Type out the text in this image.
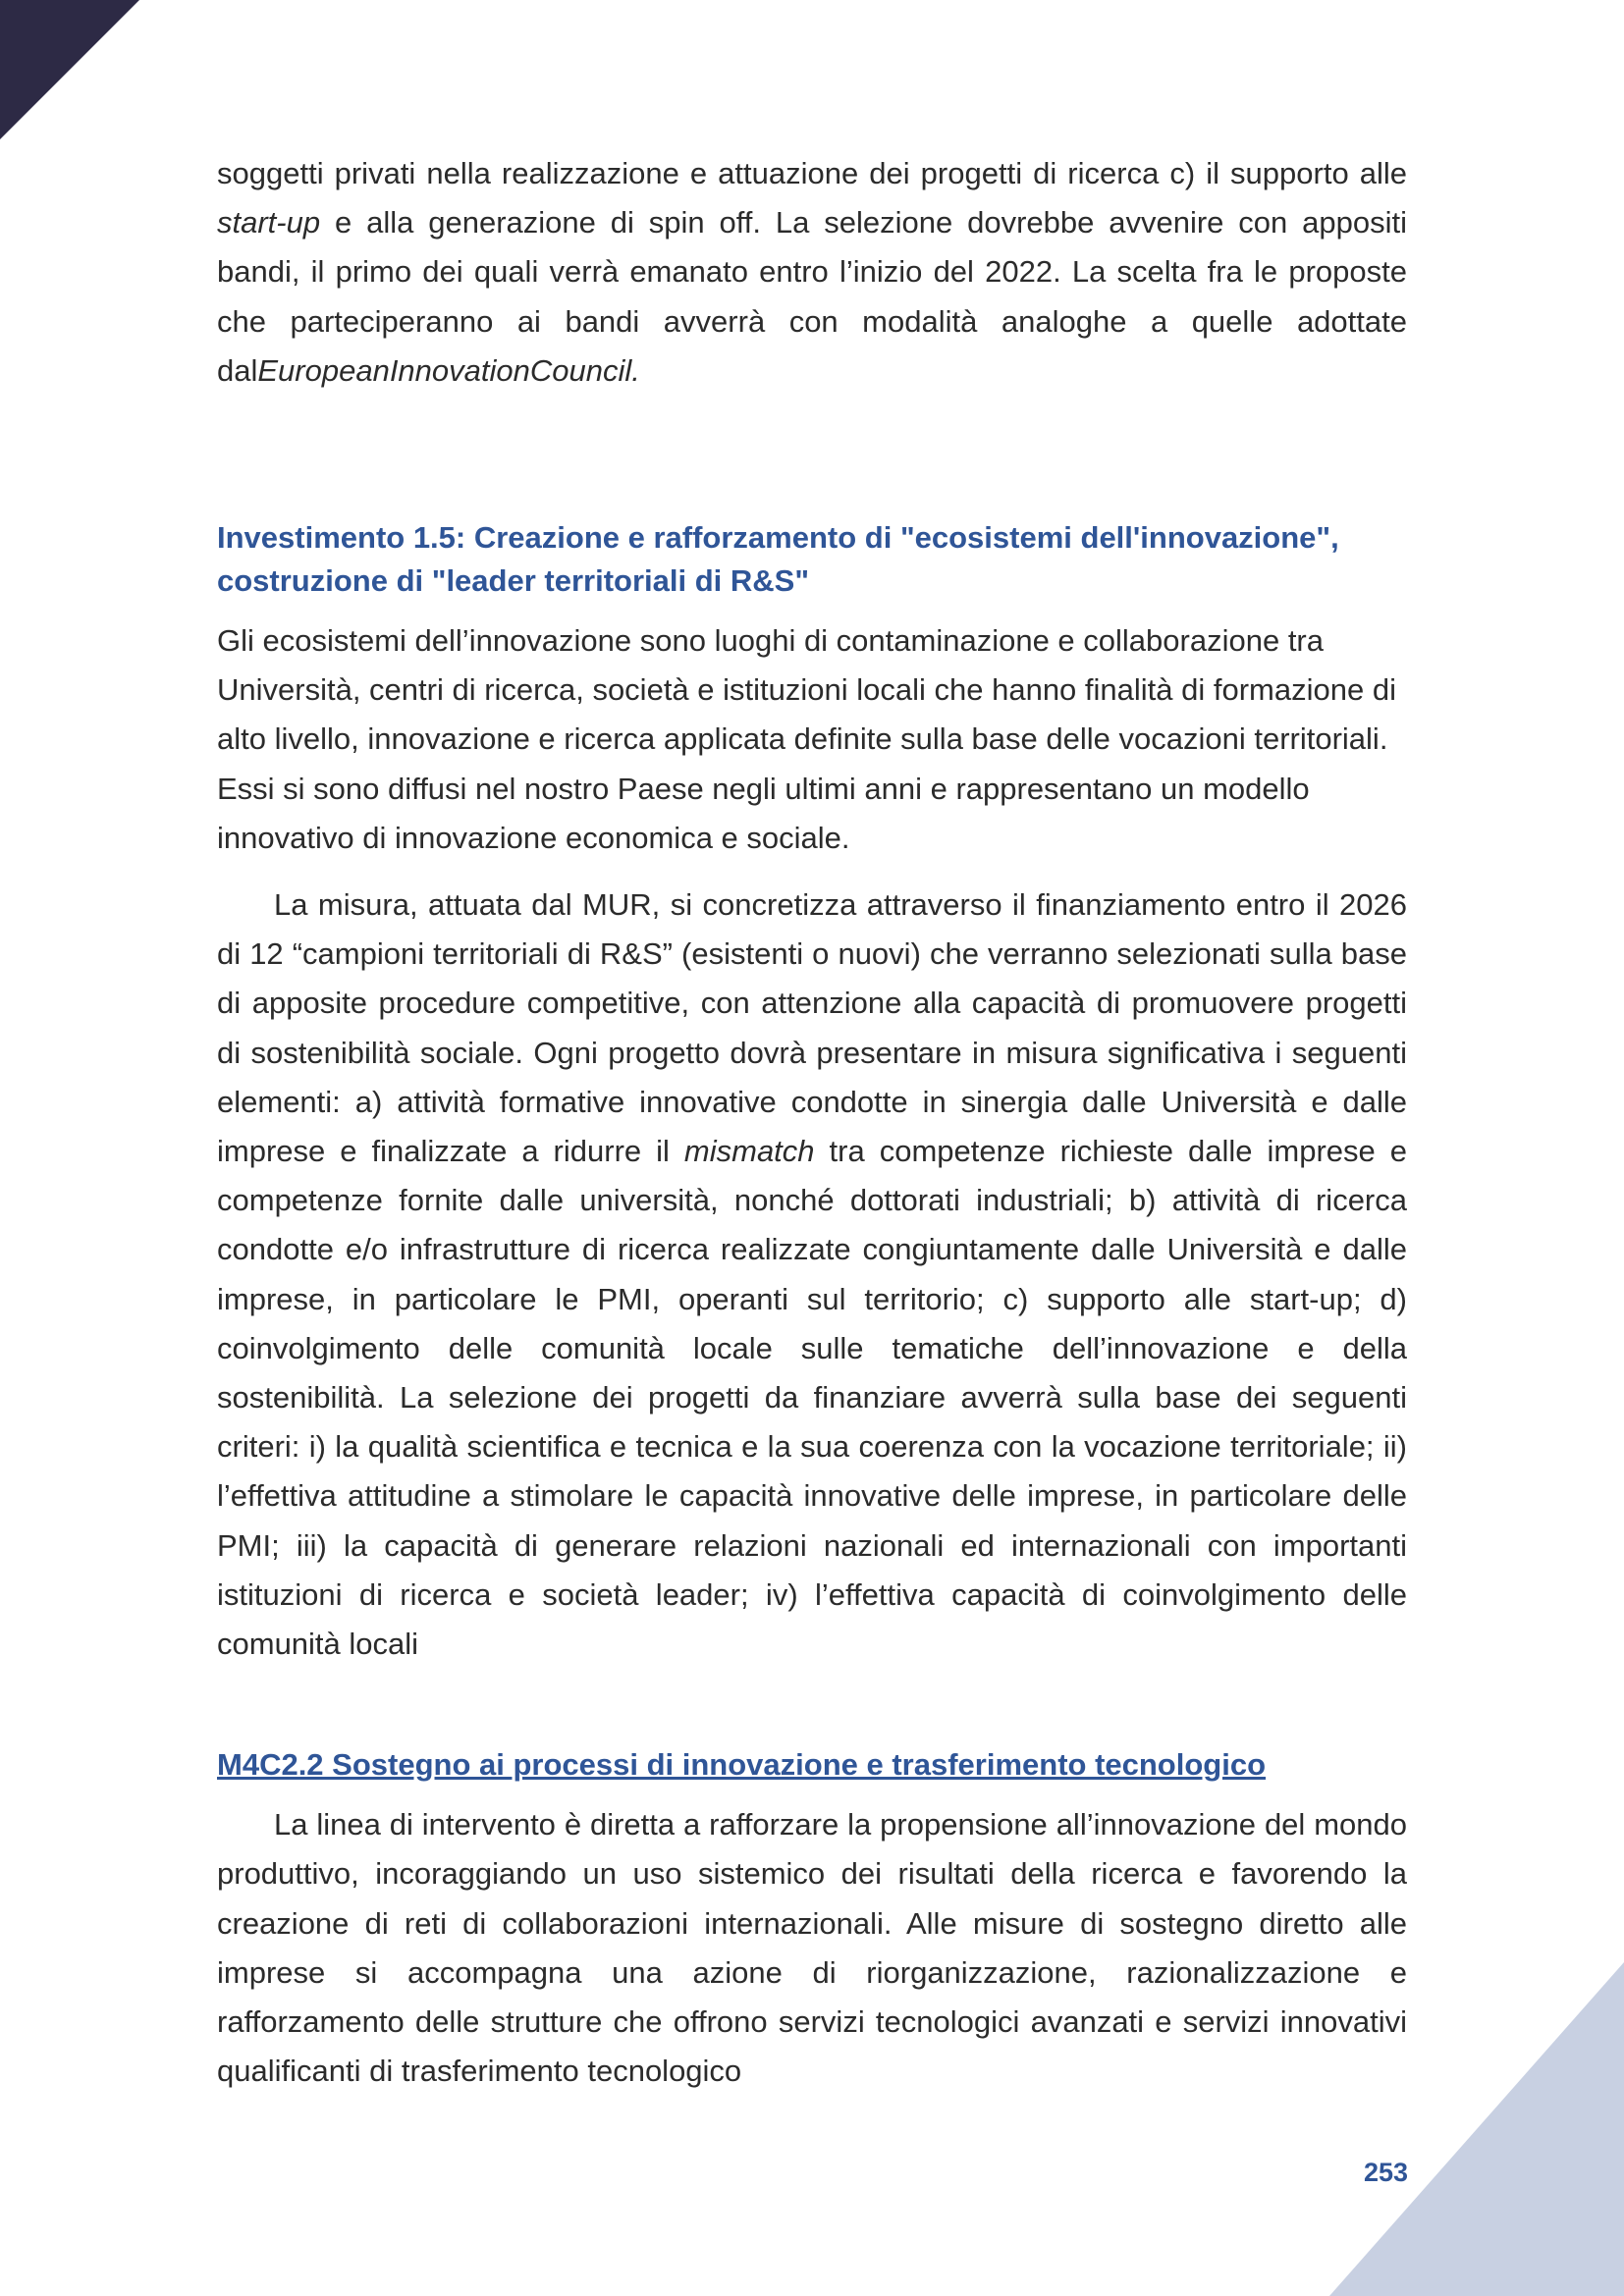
soggetti privati nella realizzazione e attuazione dei progetti di ricerca c) il supporto alle start-up e alla generazione di spin off. La selezione dovrebbe avvenire con appositi bandi, il primo dei quali verrà emanato entro l’inizio del 2022. La scelta fra le proposte che parteciperanno ai bandi avverrà con modalità analoghe a quelle adottate dalEuropeanInnovationCouncil.

Investimento 1.5: Creazione e rafforzamento di "ecosistemi dell'innovazione", costruzione di "leader territoriali di R&S"

Gli ecosistemi dell’innovazione sono luoghi di contaminazione e collaborazione tra Università, centri di ricerca, società e istituzioni locali che hanno finalità di formazione di alto livello, innovazione e ricerca applicata definite sulla base delle vocazioni territoriali. Essi si sono diffusi nel nostro Paese negli ultimi anni e rappresentano un modello innovativo di innovazione economica e sociale.

La misura, attuata dal MUR, si concretizza attraverso il finanziamento entro il 2026 di 12 “campioni territoriali di R&S” (esistenti o nuovi) che verranno selezionati sulla base di apposite procedure competitive, con attenzione alla capacità di promuovere progetti di sostenibilità sociale. Ogni progetto dovrà presentare in misura significativa i seguenti elementi: a) attività formative innovative condotte in sinergia dalle Università e dalle imprese e finalizzate a ridurre il mismatch tra competenze richieste dalle imprese e competenze fornite dalle università, nonché dottorati industriali; b) attività di ricerca condotte e/o infrastrutture di ricerca realizzate congiuntamente dalle Università e dalle imprese, in particolare le PMI, operanti sul territorio; c) supporto alle start-up; d) coinvolgimento delle comunità locale sulle tematiche dell’innovazione e della sostenibilità. La selezione dei progetti da finanziare avverrà sulla base dei seguenti criteri: i) la qualità scientifica e tecnica e la sua coerenza con la vocazione territoriale; ii) l’effettiva attitudine a stimolare le capacità innovative delle imprese, in particolare delle PMI; iii) la capacità di generare relazioni nazionali ed internazionali con importanti istituzioni di ricerca e società leader; iv) l’effettiva capacità di coinvolgimento delle comunità locali

M4C2.2 Sostegno ai processi di innovazione e trasferimento tecnologico

La linea di intervento è diretta a rafforzare la propensione all’innovazione del mondo produttivo, incoraggiando un uso sistemico dei risultati della ricerca e favorendo la creazione di reti di collaborazioni internazionali. Alle misure di sostegno diretto alle imprese si accompagna una azione di riorganizzazione, razionalizzazione e rafforzamento delle strutture che offrono servizi tecnologici avanzati e servizi innovativi qualificanti di trasferimento tecnologico

253
